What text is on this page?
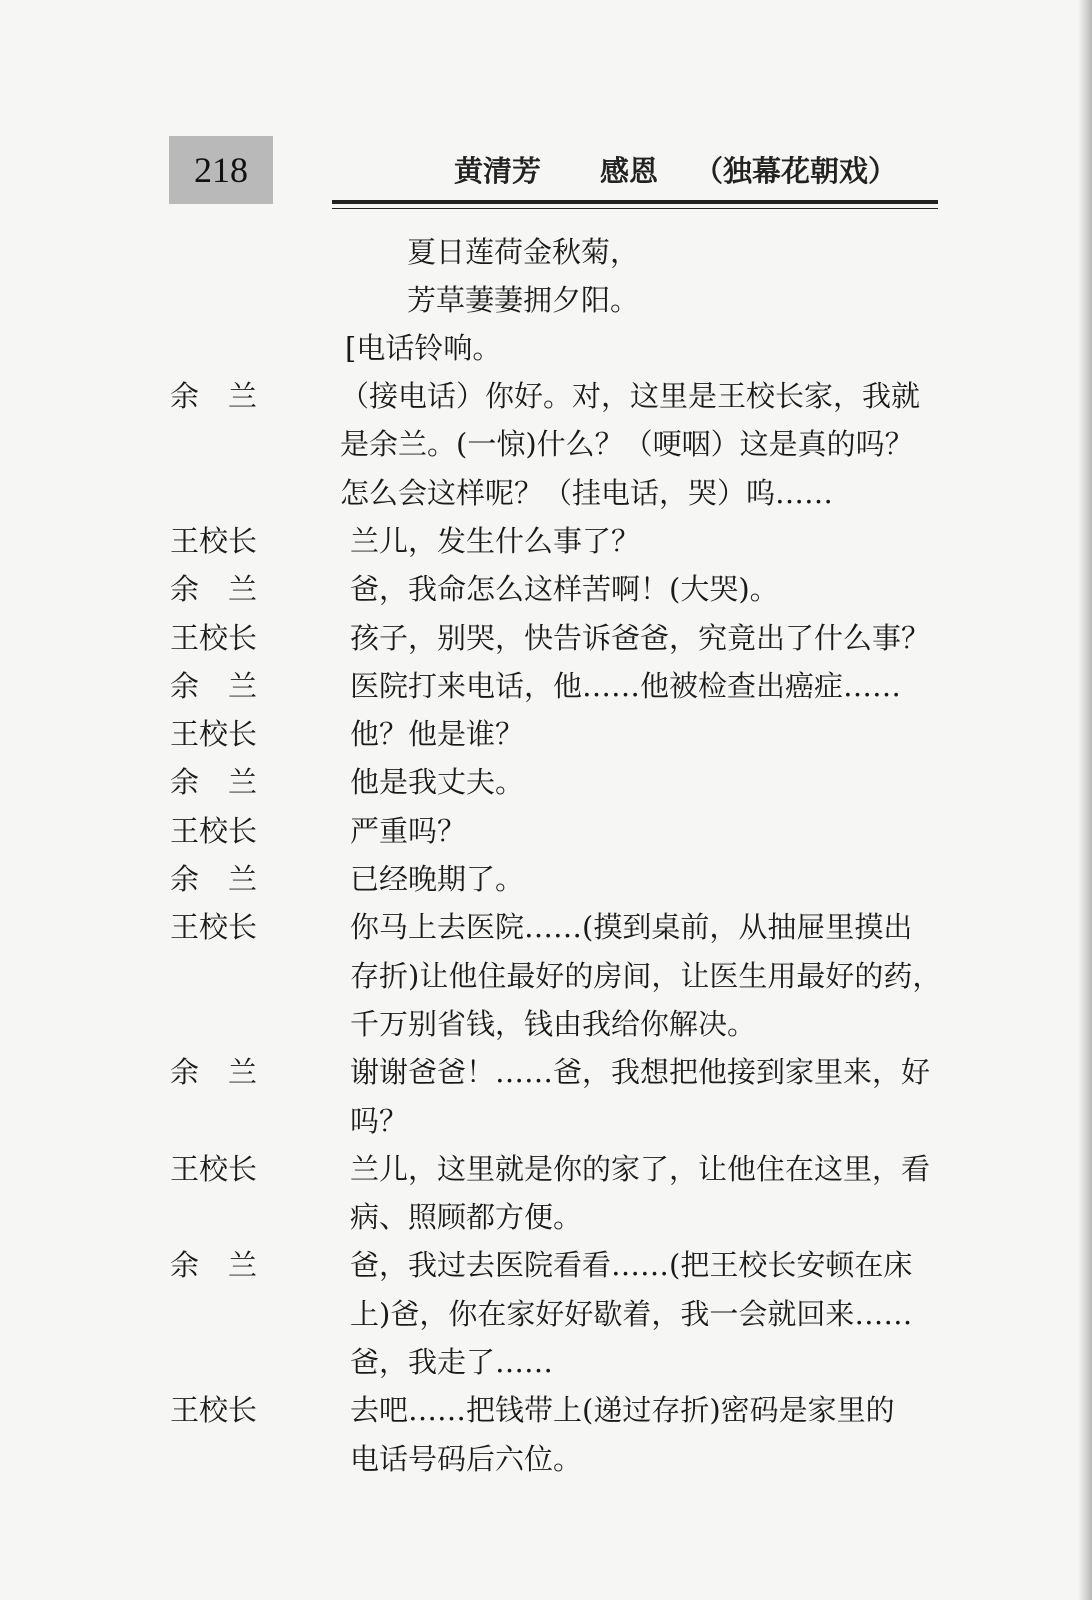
218	黄清芳 感恩 （独幕花朝戏）
夏日莲荷金秋菊，
芳草萋萋拥夕阳。
[电话铃响。
余　兰	（接电话）你好。对，这里是王校长家，我就
是余兰。(一惊)什么？（哽咽）这是真的吗？
怎么会这样呢？（挂电话，哭）呜……
王校长	兰儿，发生什么事了？
余　兰	爸，我命怎么这样苦啊！(大哭)。
王校长	孩子，别哭，快告诉爸爸，究竟出了什么事？
余　兰	医院打来电话，他……他被检查出癌症……
王校长	他？他是谁？
余　兰	他是我丈夫。
王校长	严重吗？
余　兰	已经晚期了。
王校长	你马上去医院……(摸到桌前，从抽屉里摸出
存折)让他住最好的房间，让医生用最好的药，
千万别省钱，钱由我给你解决。
余　兰	谢谢爸爸！……爸，我想把他接到家里来，好
吗？
王校长	兰儿，这里就是你的家了，让他住在这里，看
病、照顾都方便。
余　兰	爸，我过去医院看看……(把王校长安顿在床
上)爸，你在家好好歇着，我一会就回来……
爸，我走了……
王校长	去吧……把钱带上(递过存折)密码是家里的
电话号码后六位。
